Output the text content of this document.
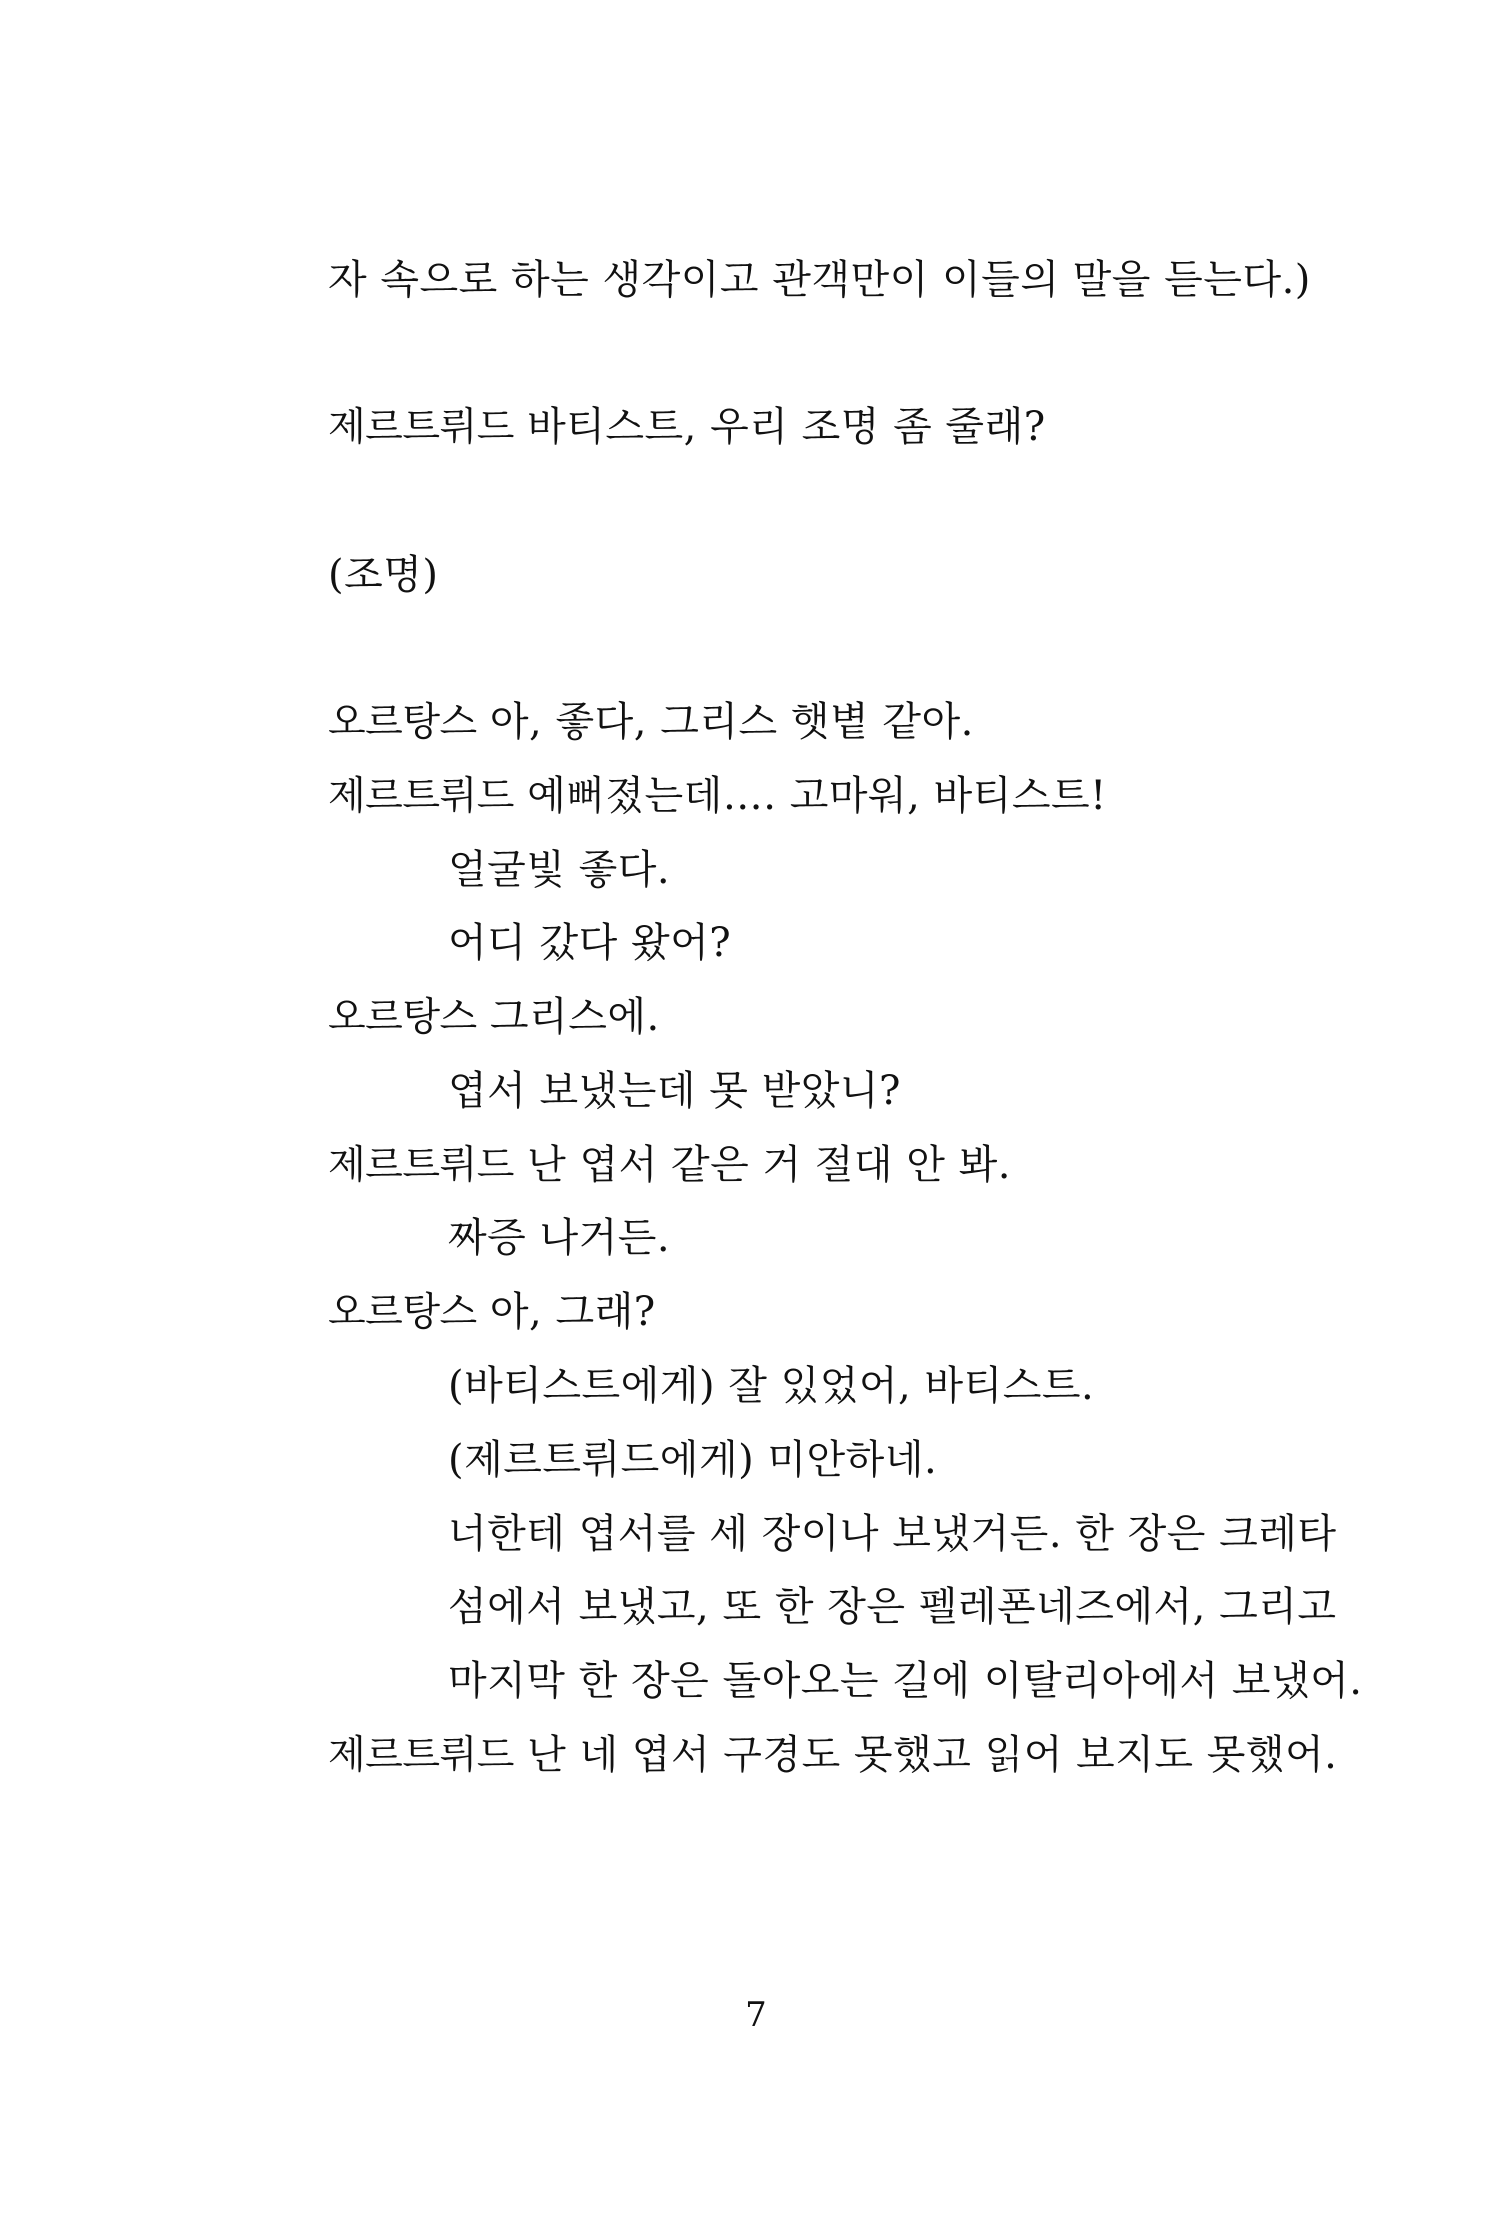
자 속으로 하는 생각이고 관객만이 이들의 말을 듣는다.)
제르트뤼드 바티스트, 우리 조명 좀 줄래?
(조명)
오르탕스 아, 좋다, 그리스 햇볕 같아.
제르트뤼드 예뻐졌는데…. 고마워, 바티스트!
얼굴빛 좋다.
어디 갔다 왔어?
오르탕스 그리스에.
엽서 보냈는데 못 받았니?
제르트뤼드 난 엽서 같은 거 절대 안 봐.
짜증 나거든.
오르탕스 아, 그래?
(바티스트에게) 잘 있었어, 바티스트.
(제르트뤼드에게) 미안하네.
너한테 엽서를 세 장이나 보냈거든. 한 장은 크레타
섬에서 보냈고, 또 한 장은 펠레폰네즈에서, 그리고
마지막 한 장은 돌아오는 길에 이탈리아에서 보냈어.
제르트뤼드 난 네 엽서 구경도 못했고 읽어 보지도 못했어.
7
